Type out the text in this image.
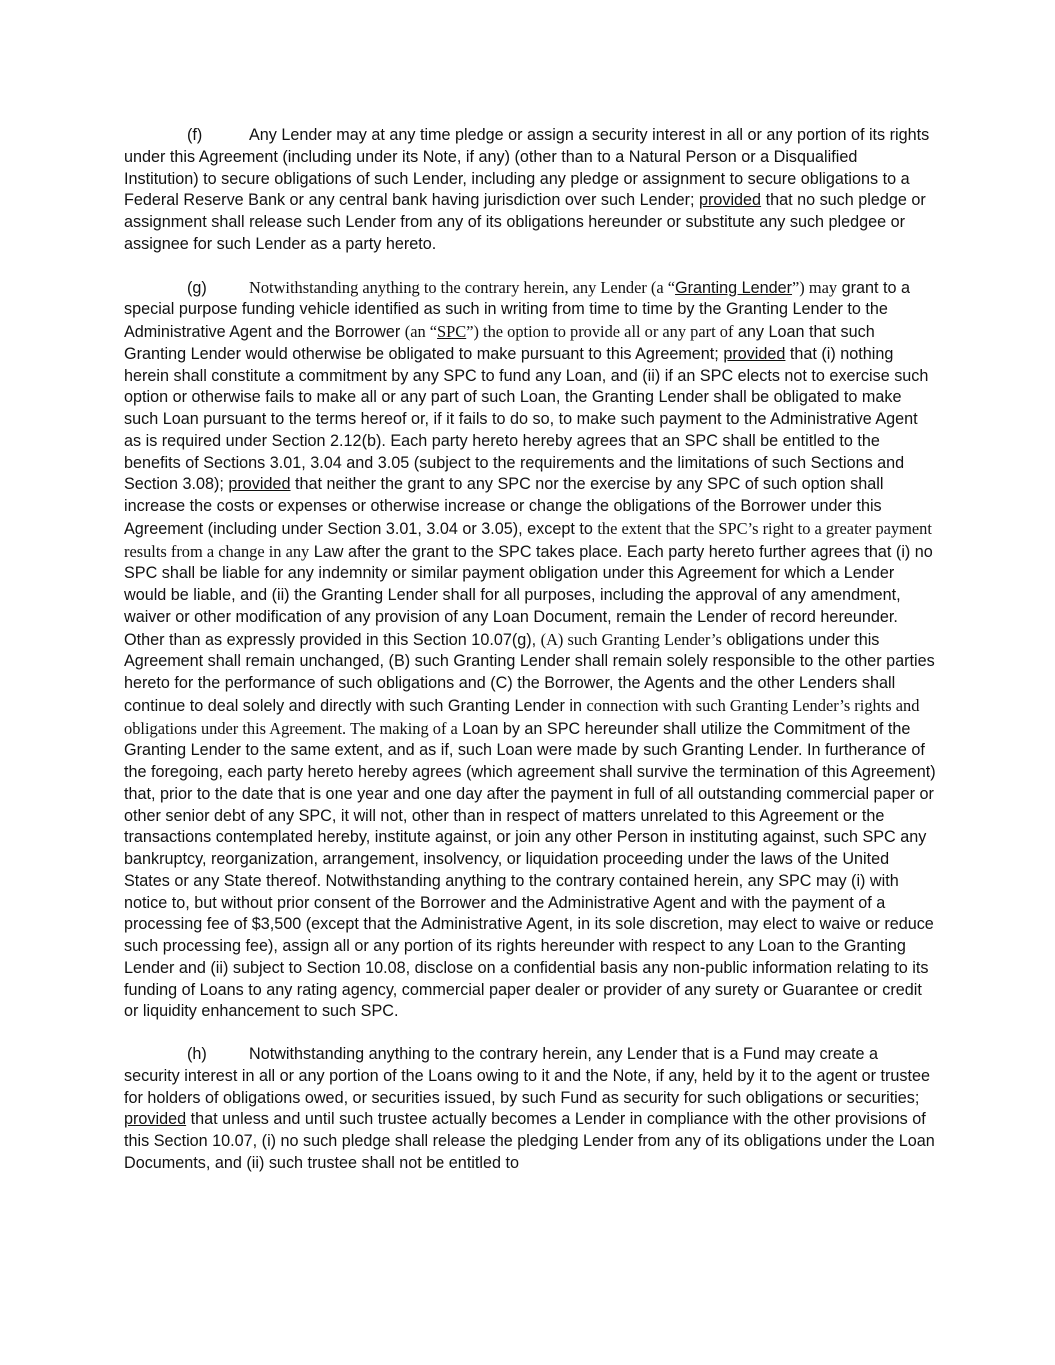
(f)	Any Lender may at any time pledge or assign a security interest in all or any portion of its rights under this Agreement (including under its Note, if any) (other than to a Natural Person or a Disqualified Institution) to secure obligations of such Lender, including any pledge or assignment to secure obligations to a Federal Reserve Bank or any central bank having jurisdiction over such Lender; provided that no such pledge or assignment shall release such Lender from any of its obligations hereunder or substitute any such pledgee or assignee for such Lender as a party hereto.

(g)	Notwithstanding anything to the contrary herein, any Lender (a “Granting Lender”) may grant to a special purpose funding vehicle identified as such in writing from time to time by the Granting Lender to the Administrative Agent and the Borrower (an “SPC”) the option to provide all or any part of any Loan that such Granting Lender would otherwise be obligated to make pursuant to this Agreement; provided that (i) nothing herein shall constitute a commitment by any SPC to fund any Loan, and (ii) if an SPC elects not to exercise such option or otherwise fails to make all or any part of such Loan, the Granting Lender shall be obligated to make such Loan pursuant to the terms hereof or, if it fails to do so, to make such payment to the Administrative Agent as is required under Section 2.12(b). Each party hereto hereby agrees that an SPC shall be entitled to the benefits of Sections 3.01, 3.04 and 3.05 (subject to the requirements and the limitations of such Sections and Section 3.08); provided that neither the grant to any SPC nor the exercise by any SPC of such option shall increase the costs or expenses or otherwise increase or change the obligations of the Borrower under this Agreement (including under Section 3.01, 3.04 or 3.05), except to the extent that the SPC’s right to a greater payment results from a change in any Law after the grant to the SPC takes place. Each party hereto further agrees that (i) no SPC shall be liable for any indemnity or similar payment obligation under this Agreement for which a Lender would be liable, and (ii) the Granting Lender shall for all purposes, including the approval of any amendment, waiver or other modification of any provision of any Loan Document, remain the Lender of record hereunder. Other than as expressly provided in this Section 10.07(g), (A) such Granting Lender’s obligations under this Agreement shall remain unchanged, (B) such Granting Lender shall remain solely responsible to the other parties hereto for the performance of such obligations and (C) the Borrower, the Agents and the other Lenders shall continue to deal solely and directly with such Granting Lender in connection with such Granting Lender’s rights and obligations under this Agreement. The making of a Loan by an SPC hereunder shall utilize the Commitment of the Granting Lender to the same extent, and as if, such Loan were made by such Granting Lender. In furtherance of the foregoing, each party hereto hereby agrees (which agreement shall survive the termination of this Agreement) that, prior to the date that is one year and one day after the payment in full of all outstanding commercial paper or other senior debt of any SPC, it will not, other than in respect of matters unrelated to this Agreement or the transactions contemplated hereby, institute against, or join any other Person in instituting against, such SPC any bankruptcy, reorganization, arrangement, insolvency, or liquidation proceeding under the laws of the United States or any State thereof. Notwithstanding anything to the contrary contained herein, any SPC may (i) with notice to, but without prior consent of the Borrower and the Administrative Agent and with the payment of a processing fee of $3,500 (except that the Administrative Agent, in its sole discretion, may elect to waive or reduce such processing fee), assign all or any portion of its rights hereunder with respect to any Loan to the Granting Lender and (ii) subject to Section 10.08, disclose on a confidential basis any non-public information relating to its funding of Loans to any rating agency, commercial paper dealer or provider of any surety or Guarantee or credit or liquidity enhancement to such SPC.

(h)	Notwithstanding anything to the contrary herein, any Lender that is a Fund may create a security interest in all or any portion of the Loans owing to it and the Note, if any, held by it to the agent or trustee for holders of obligations owed, or securities issued, by such Fund as security for such obligations or securities; provided that unless and until such trustee actually becomes a Lender in compliance with the other provisions of this Section 10.07, (i) no such pledge shall release the pledging Lender from any of its obligations under the Loan Documents, and (ii) such trustee shall not be entitled to
